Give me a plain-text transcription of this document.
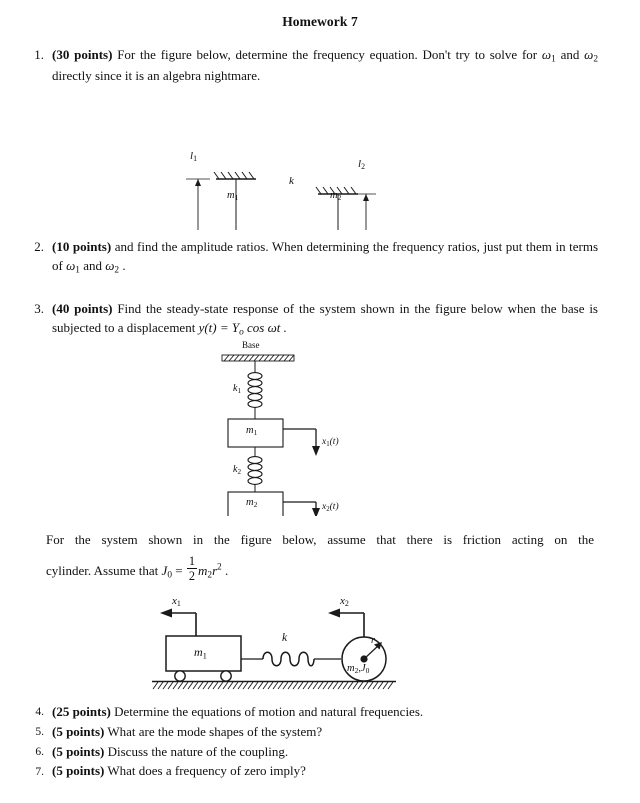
Homework 7
1. (30 points) For the figure below, determine the frequency equation. Don't try to solve for $\omega_1$ and $\omega_2$ directly since it is an algebra nightmare.
$l_1$	$l_2$
$m_1$	$m_2$
k
2. (10 points) and find the amplitude ratios. When determining the frequency ratios, just put them in terms of $\omega_1$ and $\omega_2$ .
3. (40 points) Find the steady-state response of the system shown in the figure below when the base is subjected to a displacement $y(t) = Y_o$ cos ωt .
Base
$k_1$
$m_1$
$x_1(t)$
$k_2$
$m_2$	$x_2(t)$
For the system shown in the figure below, assume that there is friction acting on the
cylinder. Assume that $J_0 = \frac{1}{2} m_2r^2$ .
$x_1$	$x_2$
$m_1$
k	r
$m_2,J_0$
4. (25 points) Determine the equations of motion and natural frequencies.
5. (5 points) What are the mode shapes of the system?
6. (5 points) Discuss the nature of the coupling.
7. (5 points) What does a frequency of zero imply?
